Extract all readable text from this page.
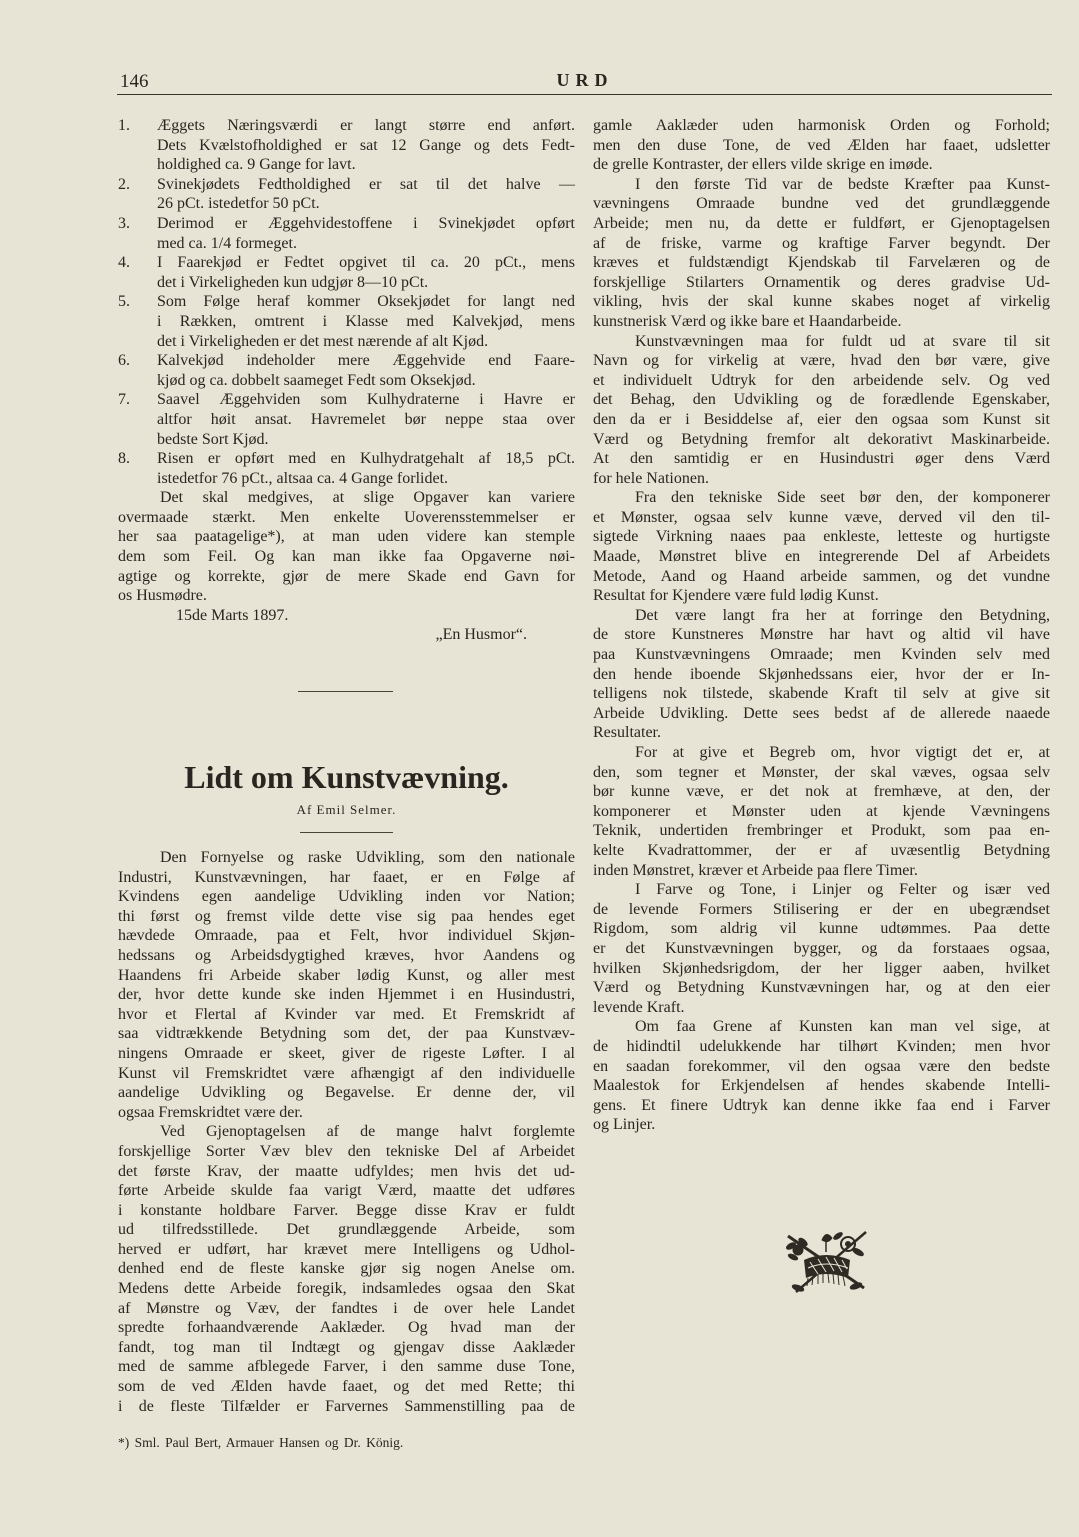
146	URD
1. Æggets Næringsværdi er langt større end anført.
Dets Kvælstofholdighed er sat 12 Gange og dets Fedt-
holdighed ca. 9 Gange for lavt.
2. Svinekjødets Fedtholdighed er sat til det halve —
26 pCt. istedetfor 50 pCt.
3. Derimod er Æggehvidestoffene i Svinekjødet opført
med ca. 1/4 formeget.
4. I Faarekjød er Fedtet opgivet til ca. 20 pCt., mens
det i Virkeligheden kun udgjør 8—10 pCt.
5. Som Følge heraf kommer Oksekjødet for langt ned
i Rækken, omtrent i Klasse med Kalvekjød, mens
det i Virkeligheden er det mest nærende af alt Kjød.
6. Kalvekjød indeholder mere Æggehvide end Faare-
kjød og ca. dobbelt saameget Fedt som Oksekjød.
7. Saavel Æggehviden som Kulhydraterne i Havre er
altfor høit ansat. Havremelet bør neppe staa over
bedste Sort Kjød.
8. Risen er opført med en Kulhydratgehalt af 18,5 pCt.
istedetfor 76 pCt., altsaa ca. 4 Gange forlidet.
Det skal medgives, at slige Opgaver kan variere
overmaade stærkt. Men enkelte Uoverensstemmelser er
her saa paatagelige*), at man uden videre kan stemple
dem som Feil. Og kan man ikke faa Opgaverne nøi-
agtige og korrekte, gjør de mere Skade end Gavn for
os Husmødre.
15de Marts 1897.
„En Husmor“.
Lidt om Kunstvævning.
Af Emil Selmer.
Den Fornyelse og raske Udvikling, som den nationale
Industri, Kunstvævningen, har faaet, er en Følge af
Kvindens egen aandelige Udvikling inden vor Nation;
thi først og fremst vilde dette vise sig paa hendes eget
hævdede Omraade, paa et Felt, hvor individuel Skjøn-
hedssans og Arbeidsdygtighed kræves, hvor Aandens og
Haandens fri Arbeide skaber lødig Kunst, og aller mest
der, hvor dette kunde ske inden Hjemmet i en Husindustri,
hvor et Flertal af Kvinder var med. Et Fremskridt af
saa vidtrækkende Betydning som det, der paa Kunstvæv-
ningens Omraade er skeet, giver de rigeste Løfter. I al
Kunst vil Fremskridtet være afhængigt af den individuelle
aandelige Udvikling og Begavelse. Er denne der, vil
ogsaa Fremskridtet være der.
Ved Gjenoptagelsen af de mange halvt forglemte
forskjellige Sorter Væv blev den tekniske Del af Arbeidet
det første Krav, der maatte udfyldes; men hvis det ud-
førte Arbeide skulde faa varigt Værd, maatte det udføres
i konstante holdbare Farver. Begge disse Krav er fuldt
ud tilfredsstillede. Det grundlæggende Arbeide, som
herved er udført, har krævet mere Intelligens og Udhol-
denhed end de fleste kanske gjør sig nogen Anelse om.
Medens dette Arbeide foregik, indsamledes ogsaa den Skat
af Mønstre og Væv, der fandtes i de over hele Landet
spredte forhaandværende Aaklæder. Og hvad man der
fandt, tog man til Indtægt og gjengav disse Aaklæder
med de samme afblegede Farver, i den samme duse Tone,
som de ved Ælden havde faaet, og det med Rette; thi
i de fleste Tilfælder er Farvernes Sammenstilling paa de
gamle Aaklæder uden harmonisk Orden og Forhold;
men den duse Tone, de ved Ælden har faaet, udsletter
de grelle Kontraster, der ellers vilde skrige en imøde.
I den første Tid var de bedste Kræfter paa Kunst-
vævningens Omraade bundne ved det grundlæggende
Arbeide; men nu, da dette er fuldført, er Gjenoptagelsen
af de friske, varme og kraftige Farver begyndt. Der
kræves et fuldstændigt Kjendskab til Farvelæren og de
forskjellige Stilarters Ornamentik og deres gradvise Ud-
vikling, hvis der skal kunne skabes noget af virkelig
kunstnerisk Værd og ikke bare et Haandarbeide.
Kunstvævningen maa for fuldt ud at svare til sit
Navn og for virkelig at være, hvad den bør være, give
et individuelt Udtryk for den arbeidende selv. Og ved
det Behag, den Udvikling og de forædlende Egenskaber,
den da er i Besiddelse af, eier den ogsaa som Kunst sit
Værd og Betydning fremfor alt dekorativt Maskinarbeide.
At den samtidig er en Husindustri øger dens Værd
for hele Nationen.
Fra den tekniske Side seet bør den, der komponerer
et Mønster, ogsaa selv kunne væve, derved vil den til-
sigtede Virkning naaes paa enkleste, letteste og hurtigste
Maade, Mønstret blive en integrerende Del af Arbeidets
Metode, Aand og Haand arbeide sammen, og det vundne
Resultat for Kjendere være fuld lødig Kunst.
Det være langt fra her at forringe den Betydning,
de store Kunstneres Mønstre har havt og altid vil have
paa Kunstvævningens Omraade; men Kvinden selv med
den hende iboende Skjønhedssans eier, hvor der er In-
telligens nok tilstede, skabende Kraft til selv at give sit
Arbeide Udvikling. Dette sees bedst af de allerede naaede
Resultater.
For at give et Begreb om, hvor vigtigt det er, at
den, som tegner et Mønster, der skal væves, ogsaa selv
bør kunne væve, er det nok at fremhæve, at den, der
komponerer et Mønster uden at kjende Vævningens
Teknik, undertiden frembringer et Produkt, som paa en-
kelte Kvadrattommer, der er af uvæsentlig Betydning
inden Mønstret, kræver et Arbeide paa flere Timer.
I Farve og Tone, i Linjer og Felter og især ved
de levende Formers Stilisering er der en ubegrændset
Rigdom, som aldrig vil kunne udtømmes. Paa dette
er det Kunstvævningen bygger, og da forstaaes ogsaa,
hvilken Skjønhedsrigdom, der her ligger aaben, hvilket
Værd og Betydning Kunstvævningen har, og at den eier
levende Kraft.
Om faa Grene af Kunsten kan man vel sige, at
de hidindtil udelukkende har tilhørt Kvinden; men hvor
en saadan forekommer, vil den ogsaa være den bedste
Maalestok for Erkjendelsen af hendes skabende Intelli-
gens. Et finere Udtryk kan denne ikke faa end i Farver
og Linjer.
*) Sml. Paul Bert, Armauer Hansen og Dr. König.
